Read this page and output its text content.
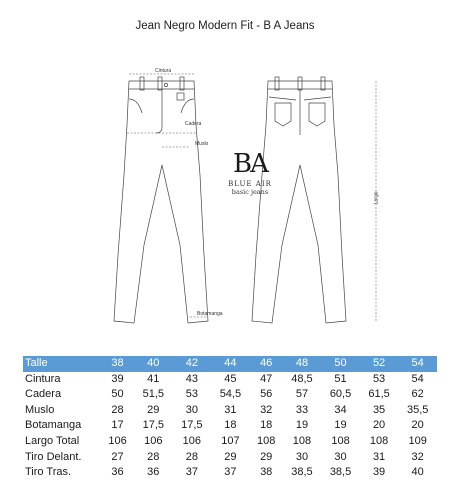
Jean Negro Modern Fit - B A Jeans
Cintura
Cadera
Muslo
Botamanga
Largo
BA
BLUE AIR
basic jeans
Talle	38	40	42	44	46	48	50	52	54
Cintura	39	41	43	45	47	48,5	51	53	54
Cadera	50	51,5	53	54,5	56	57	60,5	61,5	62
Muslo	28	29	30	31	32	33	34	35	35,5
Botamanga	17	17,5	17,5	18	18	19	19	20	20
Largo Total	106	106	106	107	108	108	108	108	109
Tiro Delant.	27	28	28	29	29	30	30	31	32
Tiro Tras.	36	36	37	37	38	38,5	38,5	39	40
